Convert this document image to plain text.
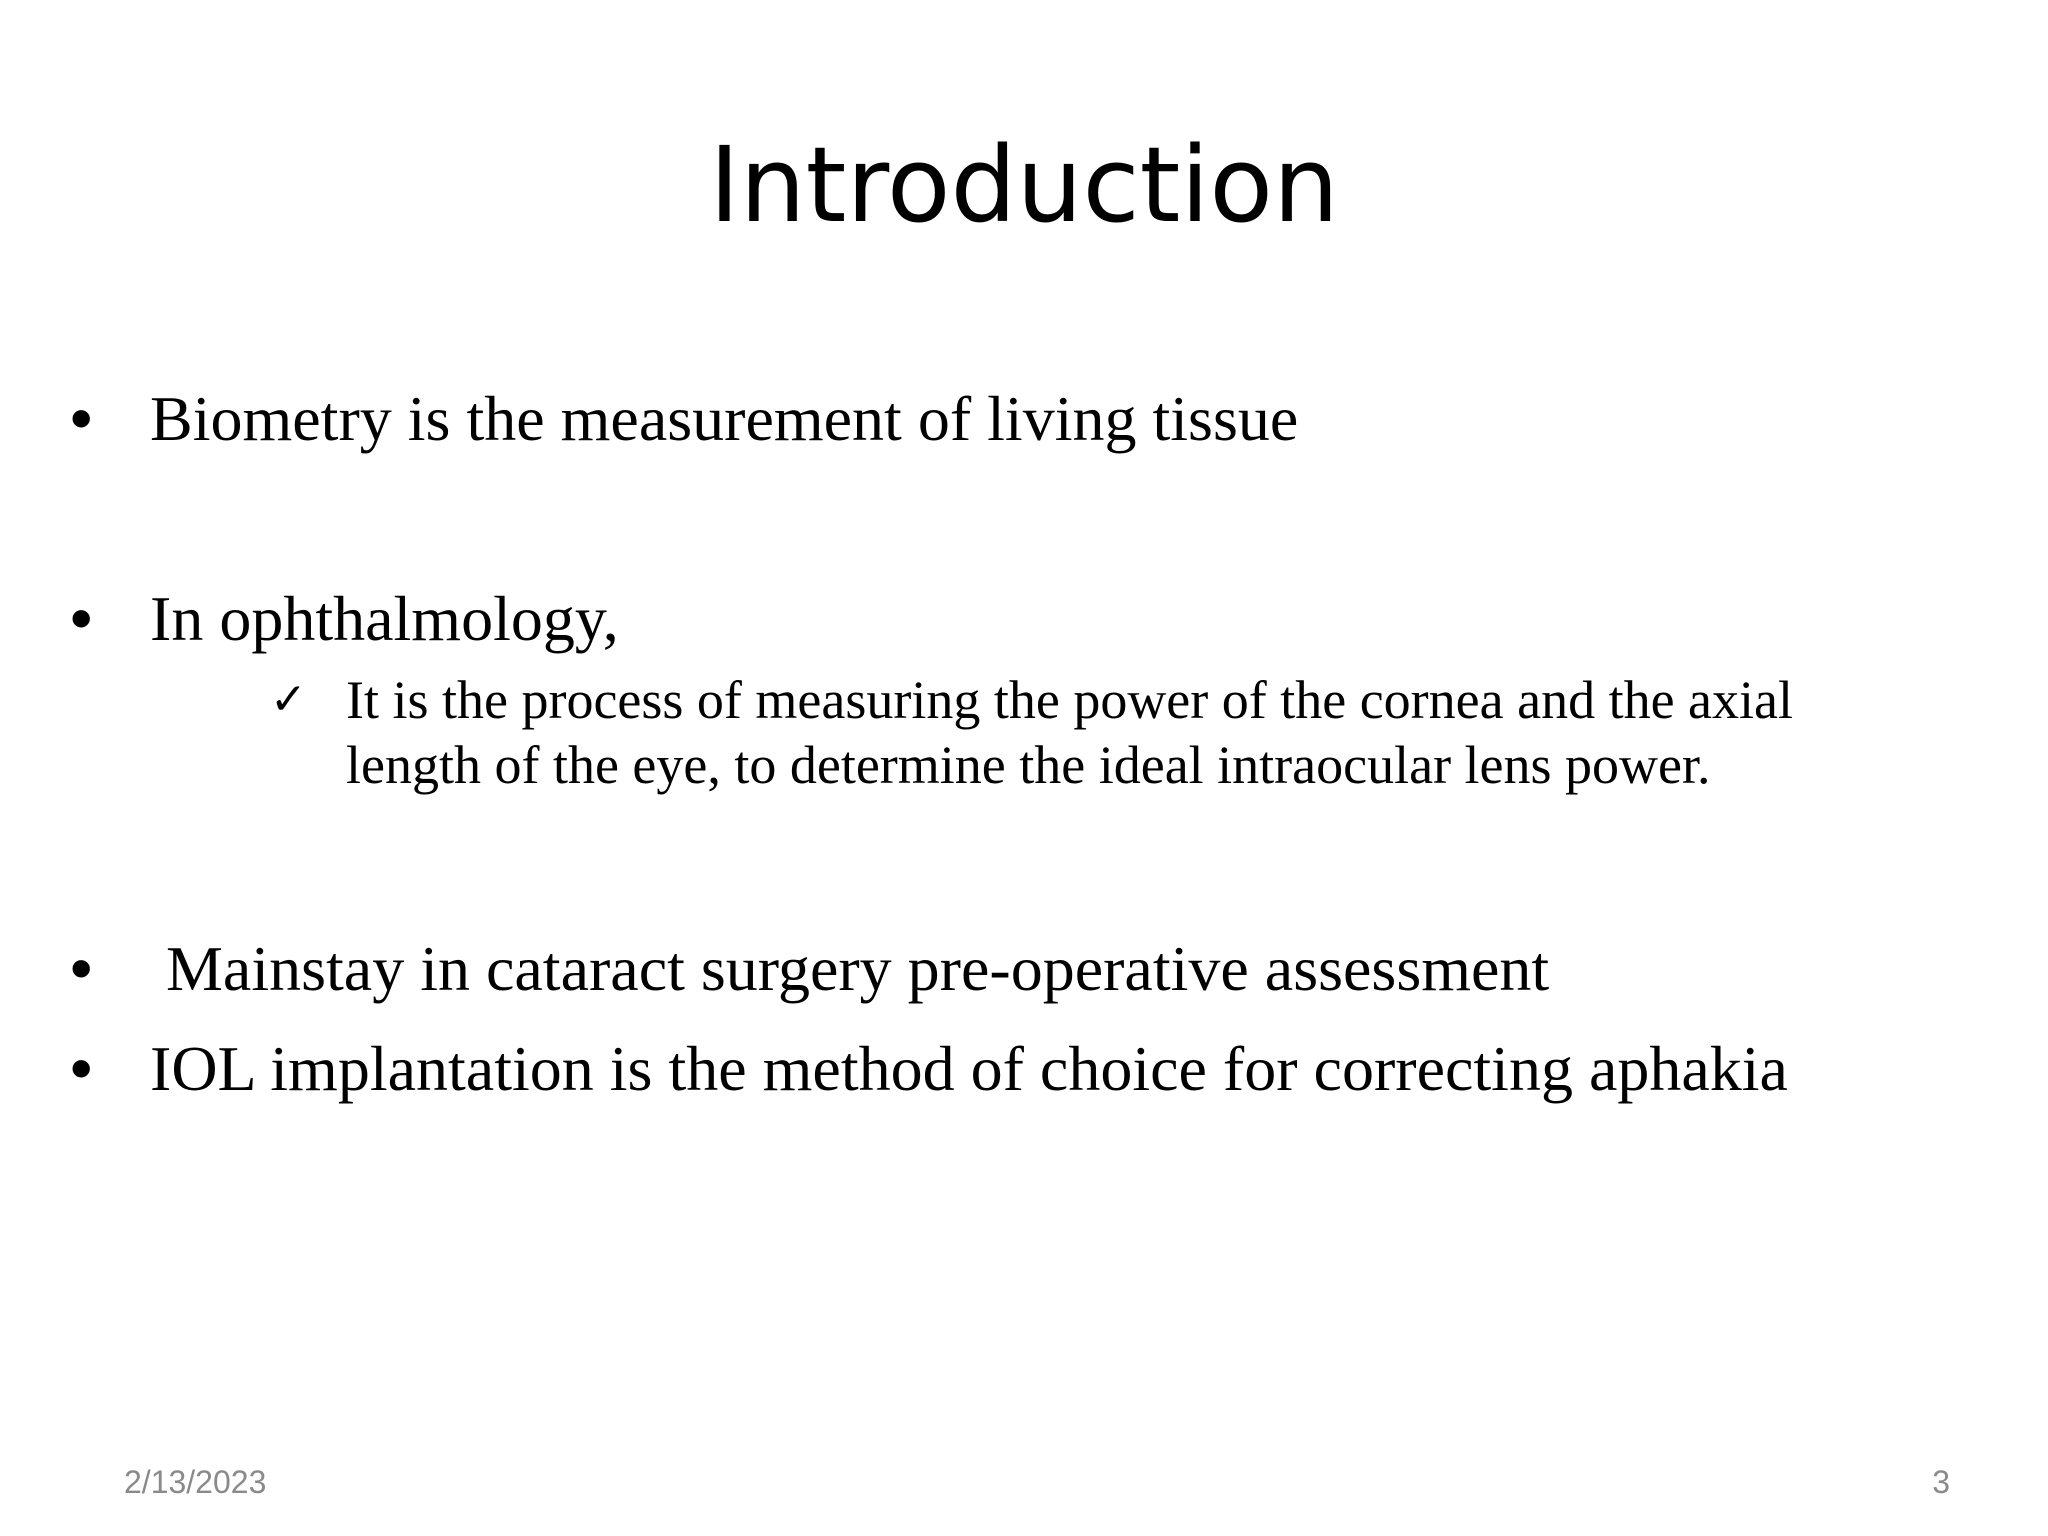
Introduction
• Biometry is the measurement of living tissue
• In ophthalmology,
✓ It is the process of measuring the power of the cornea and the axial length of the eye, to determine the ideal intraocular lens power.
• Mainstay in cataract surgery pre-operative assessment
• IOL implantation is the method of choice for correcting aphakia
2/13/2023	3
